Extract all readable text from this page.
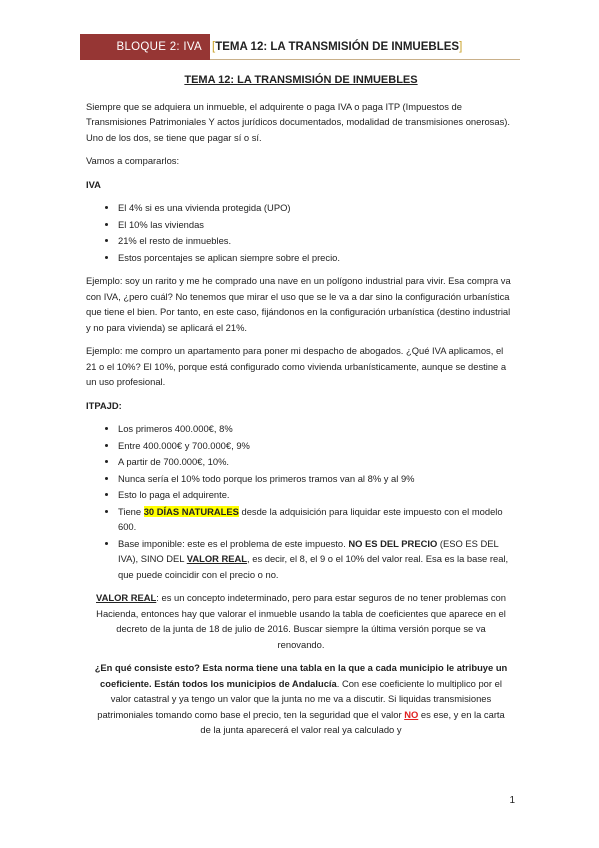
BLOQUE 2: IVA [ TEMA 12: LA TRANSMISIÓN DE INMUEBLES ]
TEMA 12: LA TRANSMISIÓN DE INMUEBLES

Siempre que se adquiera un inmueble, el adquirente o paga IVA o paga ITP (Impuestos de Transmisiones Patrimoniales Y actos jurídicos documentados, modalidad de transmisiones onerosas). Uno de los dos, se tiene que pagar sí o sí.

Vamos a compararlos:

IVA
• El 4% si es una vivienda protegida (UPO)
• El 10% las viviendas
• 21% el resto de inmuebles.
• Estos porcentajes se aplican siempre sobre el precio.

Ejemplo: soy un rarito y me he comprado una nave en un polígono industrial para vivir. Esa compra va con IVA, ¿pero cuál? No tenemos que mirar el uso que se le va a dar sino la configuración urbanística que tiene el bien. Por tanto, en este caso, fijándonos en la configuración urbanística (destino industrial y no para vivienda) se aplicará el 21%.

Ejemplo: me compro un apartamento para poner mi despacho de abogados. ¿Qué IVA aplicamos, el 21 o el 10%? El 10%, porque está configurado como vivienda urbanísticamente, aunque se destine a un uso profesional.

ITPAJD:
• Los primeros 400.000€, 8%
• Entre 400.000€ y 700.000€, 9%
• A partir de 700.000€, 10%.
• Nunca sería el 10% todo porque los primeros tramos van al 8% y al 9%
• Esto lo paga el adquirente.
• Tiene 30 DÍAS NATURALES desde la adquisición para liquidar este impuesto con el modelo 600.
• Base imponible: este es el problema de este impuesto. NO ES DEL PRECIO (ESO ES DEL IVA), SINO DEL VALOR REAL, es decir, el 8, el 9 o el 10% del valor real. Esa es la base real, que puede coincidir con el precio o no.

VALOR REAL: es un concepto indeterminado, pero para estar seguros de no tener problemas con Hacienda, entonces hay que valorar el inmueble usando la tabla de coeficientes que aparece en el decreto de la junta de 18 de julio de 2016. Buscar siempre la última versión porque se va renovando.

¿En qué consiste esto? Esta norma tiene una tabla en la que a cada municipio le atribuye un coeficiente. Están todos los municipios de Andalucía. Con ese coeficiente lo multiplico por el valor catastral y ya tengo un valor que la junta no me va a discutir. Si liquidas transmisiones patrimoniales tomando como base el precio, ten la seguridad que el valor NO es ese, y en la carta de la junta aparecerá el valor real ya calculado y

1
